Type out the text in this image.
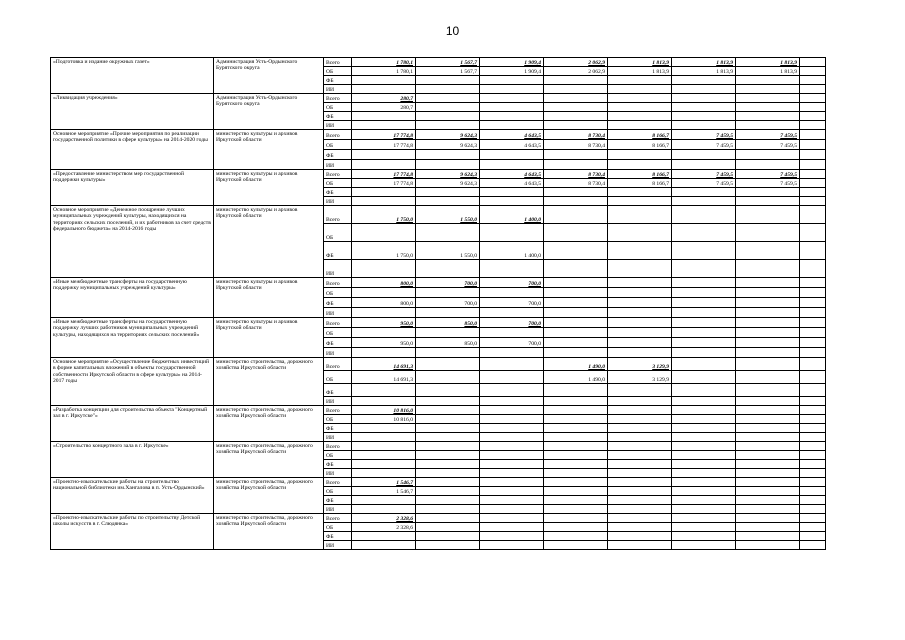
10
«Подготовка и издание окружных газет»	Администрация Усть-Ордынского Бурятского округа	Всего	1 780,1	1 567,7	1 909,4	2 062,9	1 813,9	1 813,9	1 813,9	
		ОБ	1 780,1	1 567,7	1 909,4	2 062,9	1 813,9	1 813,9	1 813,9	
		ФБ								
		ИИ								
«Ликвидация учреждения»	Администрация Усть-Ордынского Бурятского округа	Всего	280,7							
		ОБ	280,7							
		ФБ								
		ИИ								
Основное мероприятие «Прочие мероприятия по реализации государственной политики в сфере культуры» на 2014-2020 годы	министерство культуры и архивов Иркутской области	Всего	17 774,8	9 624,3	4 643,5	8 730,4	8 166,7	7 459,5	7 459,5	
		ОБ	17 774,8	9 624,3	4 643,5	8 730,4	8 166,7	7 459,5	7 459,5	
		ФБ								
		ИИ								
«Предоставление министерством мер государственной поддержки культуры»	министерство культуры и архивов Иркутской области	Всего	17 774,8	9 624,3	4 643,5	8 730,4	8 166,7	7 459,5	7 459,5	
		ОБ	17 774,8	9 624,3	4 643,5	8 730,4	8 166,7	7 459,5	7 459,5	
		ФБ								
		ИИ								
Основное мероприятие «Денежное поощрение лучших муниципальных учреждений культуры, находящихся на территориях сельских поселений, и их работников за счет средств федерального бюджета» на 2014-2016 годы	министерство культуры и архивов Иркутской области	Всего	1 750,0	1 550,0	1 400,0					
		ОБ								
		ФБ	1 750,0	1 550,0	1 400,0					
		ИИ								
«Иные межбюджетные трансферты на государственную поддержку муниципальных учреждений культуры»	министерство культуры и архивов Иркутской области	Всего	800,0	700,0	700,0					
		ОБ								
		ФБ	800,0	700,0	700,0					
		ИИ								
«Иные межбюджетные трансферты на государственную поддержку лучших работников муниципальных учреждений культуры, находящихся на территориях сельских поселений»	министерство культуры и архивов Иркутской области	Всего	950,0	850,0	700,0					
		ОБ								
		ФБ	950,0	850,0	700,0					
		ИИ								
Основное мероприятие «Осуществление бюджетных инвестиций в форме капитальных вложений в объекты государственной собственности Иркутской области в сфере культуры» на 2014-2017 годы	министерство строительства, дорожного хозяйства Иркутской области	Всего	14 691,3			1 490,0	3 129,9			
		ОБ	14 691,3			1 490,0	3 129,9			
		ФБ								
		ИИ								
«Разработка концепции для строительства объекта "Концертный зал в г. Иркутске"»	министерство строительства, дорожного хозяйства Иркутской области	Всего	10 816,0							
		ОБ	10 816,0							
		ФБ								
		ИИ								
«Строительство концертного зала в г. Иркутске»	министерство строительства, дорожного хозяйства Иркутской области	Всего								
		ОБ								
		ФБ								
		ИИ								
«Проектно-изыскательские работы на строительство национальной библиотеки им.Хангалова в п. Усть-Ордынский»	министерство строительства, дорожного хозяйства Иркутской области	Всего	1 546,7							
		ОБ	1 546,7							
		ФБ								
		ИИ								
«Проектно-изыскательские работы по строительству Детской школы искусств в г. Слюдянка»	министерство строительства, дорожного хозяйства Иркутской области	Всего	2 328,6							
		ОБ	2 328,6							
		ФБ								
		ИИ								
